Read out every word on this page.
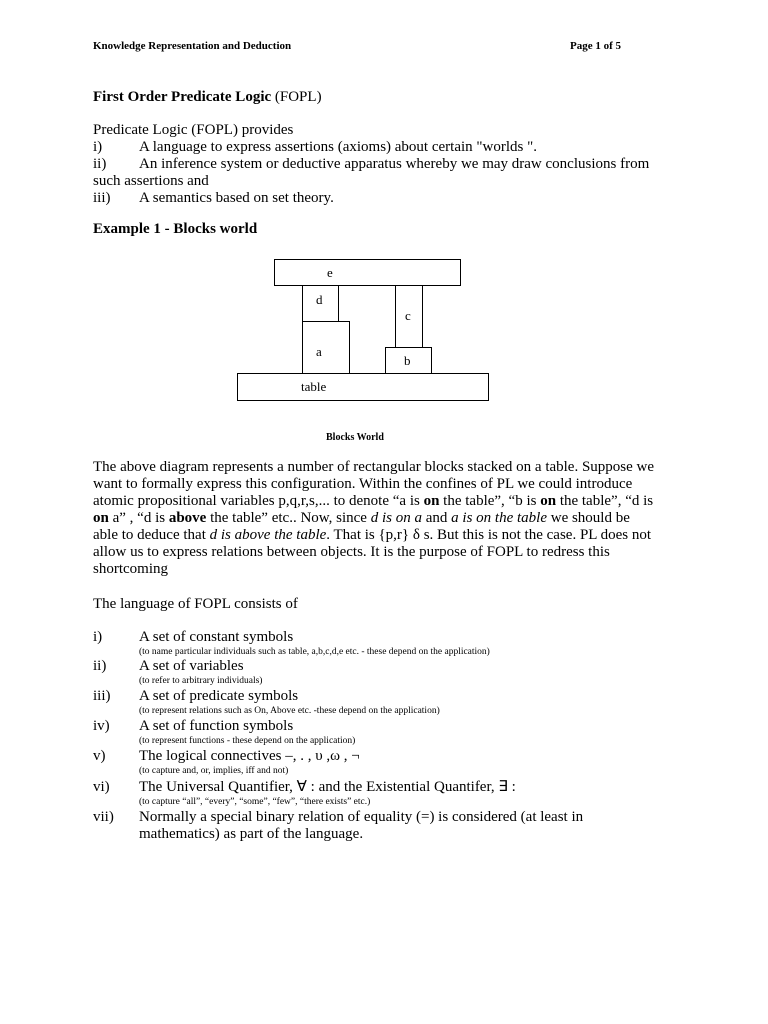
Knowledge Representation and Deduction	Page 1 of 5
First Order Predicate Logic (FOPL)
Predicate Logic (FOPL) provides
i) A language to express assertions (axioms) about certain "worlds ".
ii) An inference system or deductive apparatus whereby we may draw conclusions from
such assertions and
iii) A semantics based on set theory.
Example 1 - Blocks world
e
d
c
a
b
table
Blocks World
The above diagram represents a number of rectangular blocks stacked on a table. Suppose we
want to formally express this configuration. Within the confines of PL we could introduce
atomic propositional variables p,q,r,s,... to denote “a is on the table”, “b is on the table”, “d is
on a” , “d is above the table” etc.. Now, since d is on a and a is on the table we should be
able to deduce that d is above the table. That is {p,r} δ s. But this is not the case. PL does not
allow us to express relations between objects. It is the purpose of FOPL to redress this
shortcoming
The language of FOPL consists of
i) A set of constant symbols
(to name particular individuals such as table, a,b,c,d,e etc. - these depend on the application)
ii) A set of variables
(to refer to arbitrary individuals)
iii) A set of predicate symbols
(to represent relations such as On, Above etc. -these depend on the application)
iv) A set of function symbols
(to represent functions - these depend on the application)
v) The logical connectives –, . , υ ,ω , ¬
(to capture and, or, implies, iff and not)
vi) The Universal Quantifier, ∀ : and the Existential Quantifer, ∃ :
(to capture “all”, “every”, “some”, “few”, “there exists” etc.)
vii) Normally a special binary relation of equality (=) is considered (at least in
mathematics) as part of the language.
